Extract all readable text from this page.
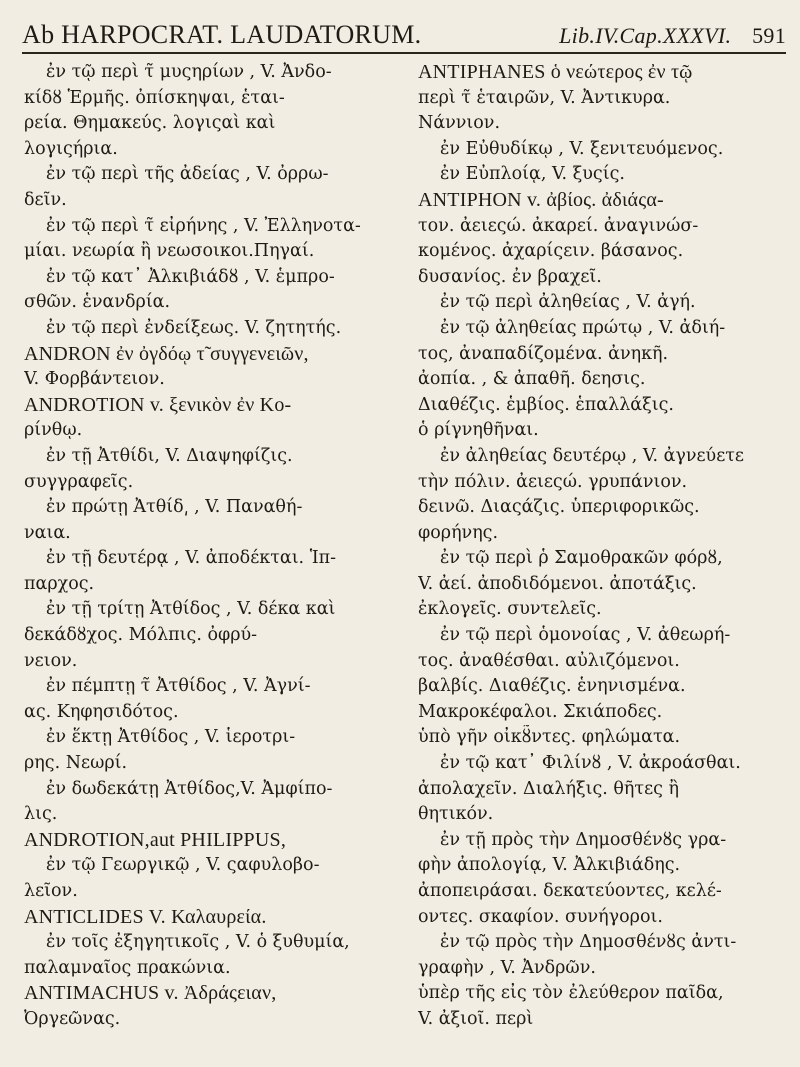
Ab HARPOCRAT. LAUDATORUM.	Lib.IV.Cap.XXXVI. 591
ἐν τῷ περὶ τ̃ μυςηρίων , V. Ἀνδο-
κίδȣ Ἑρμῆς. ὀπίσκηψαι, ἑται-
ρεία. Θημακεύς. λογιςαὶ καὶ
λογιςήρια.
ἐν τῷ περὶ τῆς ἀδείας , V. ὀρρω-
δεῖν.
ἐν τῷ περὶ τ̃ εἰρήνης , V. Ἐλληνοτα-
μίαι. νεωρία ἢ νεωσοικοι.Πηγαί.
ἐν τῷ κατ᾽ Ἀλκιβιάδȣ , V. ἑμπρο-
σθῶν. ἑνανδρία.
ἐν τῷ περὶ ἐνδείξεως. V. ζητητής.
ANDRON ἐν ὀγδόῳ τ̃ συγγενειῶν,
V. Φορβάντειον.
ANDROTION v. ξενικὸν ἐν Κο-
ρίνθῳ.
ἐν τῇ Ἀτθίδι, V. Διαψηφίζις.
συγγραφεῖς.
ἐν πρώτῃ Ἀτθίδ͵ , V. Παναθή-
ναια.
ἐν τῇ δευτέρᾳ , V. ἀποδέκται. Ἱπ-
παρχος.
ἐν τῇ τρίτῃ Ἀτθίδος , V. δέκα καὶ
δεκάδȣχος. Μόλπις. ὀφρύ-
νειον.
ἐν πέμπτῃ τ̃ Ἀτθίδος , V. Ἀγνί-
ας. Κηφησιδότος.
ἐν ἕκτῃ Ἀτθίδος , V. ἱεροτρι-
ρης. Νεωρί.
ἐν δωδεκάτῃ Ἀτθίδος,V. Ἀμφίπο-
λις.
ANDROTION,aut PHILIPPUS,
ἐν τῷ Γεωργικῷ , V. ςαφυλοβο-
λεῖον.
ANTICLIDES V. Καλαυρεία.
ἐν τοῖς ἐξηγητικοῖς , V. ὁ ξυθυμία,
παλαμναῖος πρακώνια.
ANTIMACHUS v. Ἀδράςειαν,
Ὀργεῶνας.
ANTIPHANES ὁ νεώτερος ἐν τῷ
περὶ τ̃ ἑταιρῶν, V. Ἀντικυρα.
Νάννιον.
ἐν Εὐθυδίκῳ , V. ξενιτευόμενος.
ἐν Εὐπλοίᾳ, V. ξυςίς.
ANTIPHON v. ἀβίος. ἀδιάςα-
τον. ἀειεςώ. ἀκαρεί. ἀναγινώσ-
κομένος. ἀχαρίςειν. βάσανος.
δυσανίος. ἐν βραχεῖ.
ἐν τῷ περὶ ἀληθείας , V. ἀγή.
ἐν τῷ ἀληθείας πρώτῳ , V. ἀδιή-
τος, ἀναπαδίζομένα. ἀνηκῆ.
ἀοπία. , & ἀπαθῆ. δεησις.
Διαθέζις. ἑμβίος. ἑπαλλάξις.
ὁ ρίγνηθῆναι.
ἐν ἀληθείας δευτέρῳ , V. ἀγνεύετε
τὴν πόλιν. ἀειεςώ. γρυπάνιον.
δεινῶ. Διαςάζις. ὑπεριφορικῶς.
φορήνης.
ἐν τῷ περὶ ῥ Σαμοθρακῶν φόρȣ,
V. ἀεί. ἀποδιδόμενοι. ἀποτάξις.
ἐκλογεῖς. συντελεῖς.
ἐν τῷ περὶ ὁμονοίας , V. ἀθεωρή-
τος. ἀναθέσθαι. αὐλιζόμενοι.
βαλβίς. Διαθέζις. ἑνηνισμένα.
Μακροκέφαλοι. Σκιάποδες.
ὑπὸ γῆν οἰκȣ̃ντες. φηλώματα.
ἐν τῷ κατ᾽ Φιλίνȣ , V. ἀκροάσθαι.
ἀπολαχεῖν. Διαλήξις. θῆτες ἢ
θητικόν.
ἐν τῇ πρὸς τὴν Δημοσθένȣς γρα-
φὴν ἀπολογίᾳ, V. Ἀλκιβιάδης.
ἀποπειράσαι. δεκατεύοντες, κελέ-
οντες. σκαφίον. συνήγοροι.
ἐν τῷ πρὸς τὴν Δημοσθένȣς ἀντι-
γραφὴν , V. Ἀνδρῶν.
ὑπὲρ τῆς εἰς τὸν ἐλεύθερον παῖδα,
V. ἀξιοῖ. περὶ
